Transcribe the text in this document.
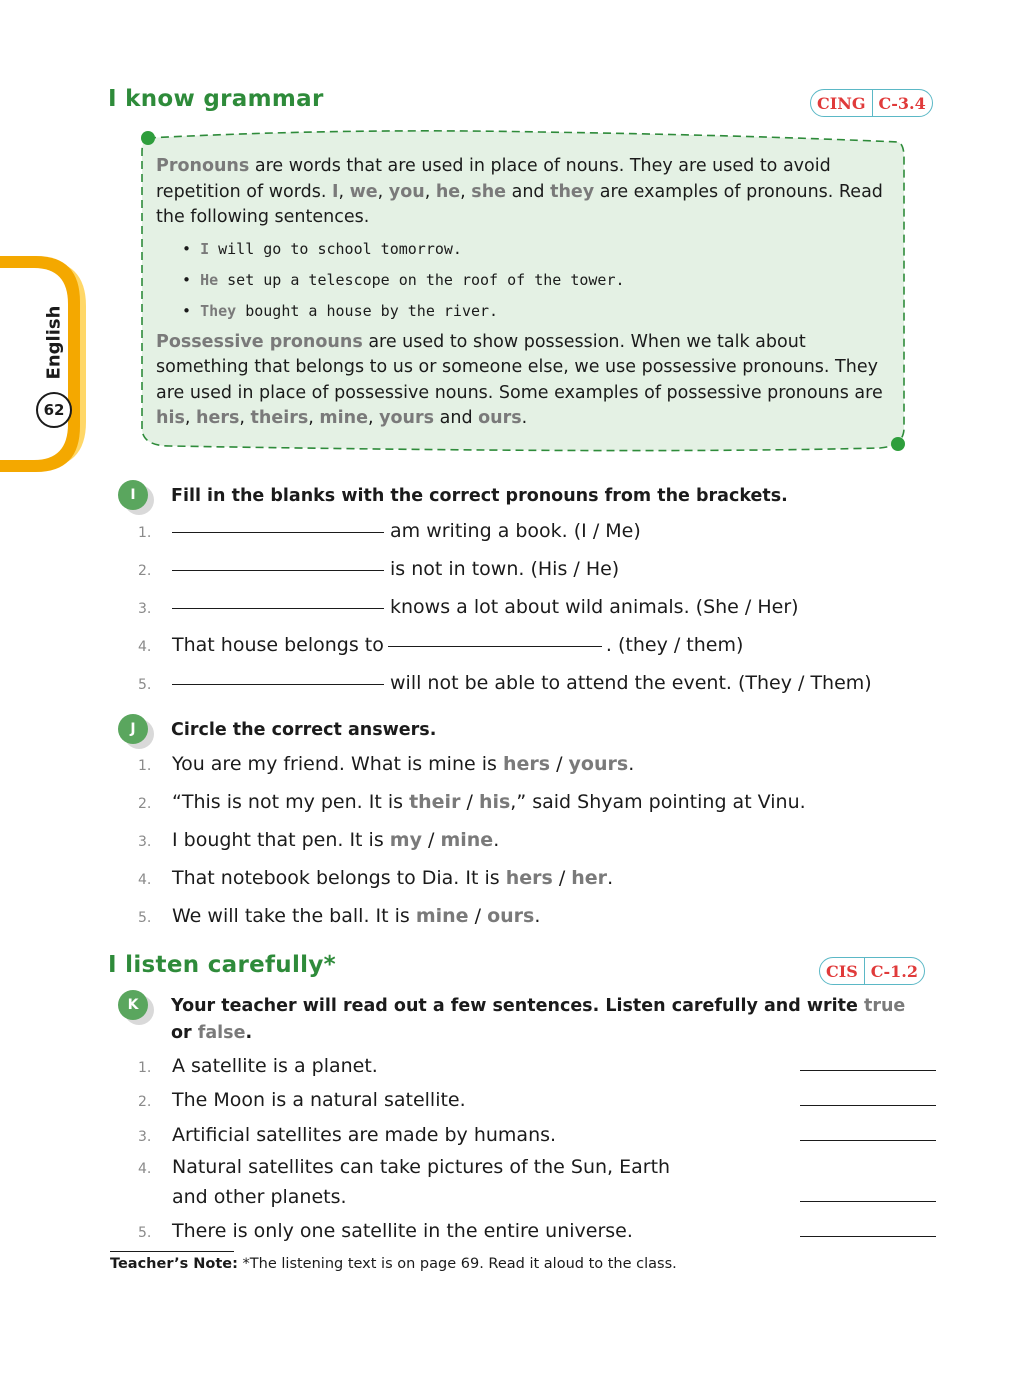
English
62
I know grammar	CING C-3.4
Pronouns are words that are used in place of nouns. They are used to avoid repetition of words. I, we, you, he, she and they are examples of pronouns. Read the following sentences.
• I will go to school tomorrow.
• He set up a telescope on the roof of the tower.
• They bought a house by the river.
Possessive pronouns are used to show possession. When we talk about something that belongs to us or someone else, we use possessive pronouns. They are used in place of possessive nouns. Some examples of possessive pronouns are his, hers, theirs, mine, yours and ours.
I	Fill in the blanks with the correct pronouns from the brackets.
1.	am writing a book. (I / Me)
2.	is not in town. (His / He)
3.	knows a lot about wild animals. (She / Her)
4. That house belongs to	. (they / them)
5.	will not be able to attend the event. (They / Them)
J	Circle the correct answers.
1. You are my friend. What is mine is hers / yours.
2. “This is not my pen. It is their / his,” said Shyam pointing at Vinu.
3. I bought that pen. It is my / mine.
4. That notebook belongs to Dia. It is hers / her.
5. We will take the ball. It is mine / ours.
I listen carefully*	CIS C-1.2
K	Your teacher will read out a few sentences. Listen carefully and write true
or false.
1. A satellite is a planet.
2. The Moon is a natural satellite.
3. Artificial satellites are made by humans.
4. Natural satellites can take pictures of the Sun, Earth
and other planets.
5. There is only one satellite in the entire universe.
Teacher’s Note: *The listening text is on page 69. Read it aloud to the class.
